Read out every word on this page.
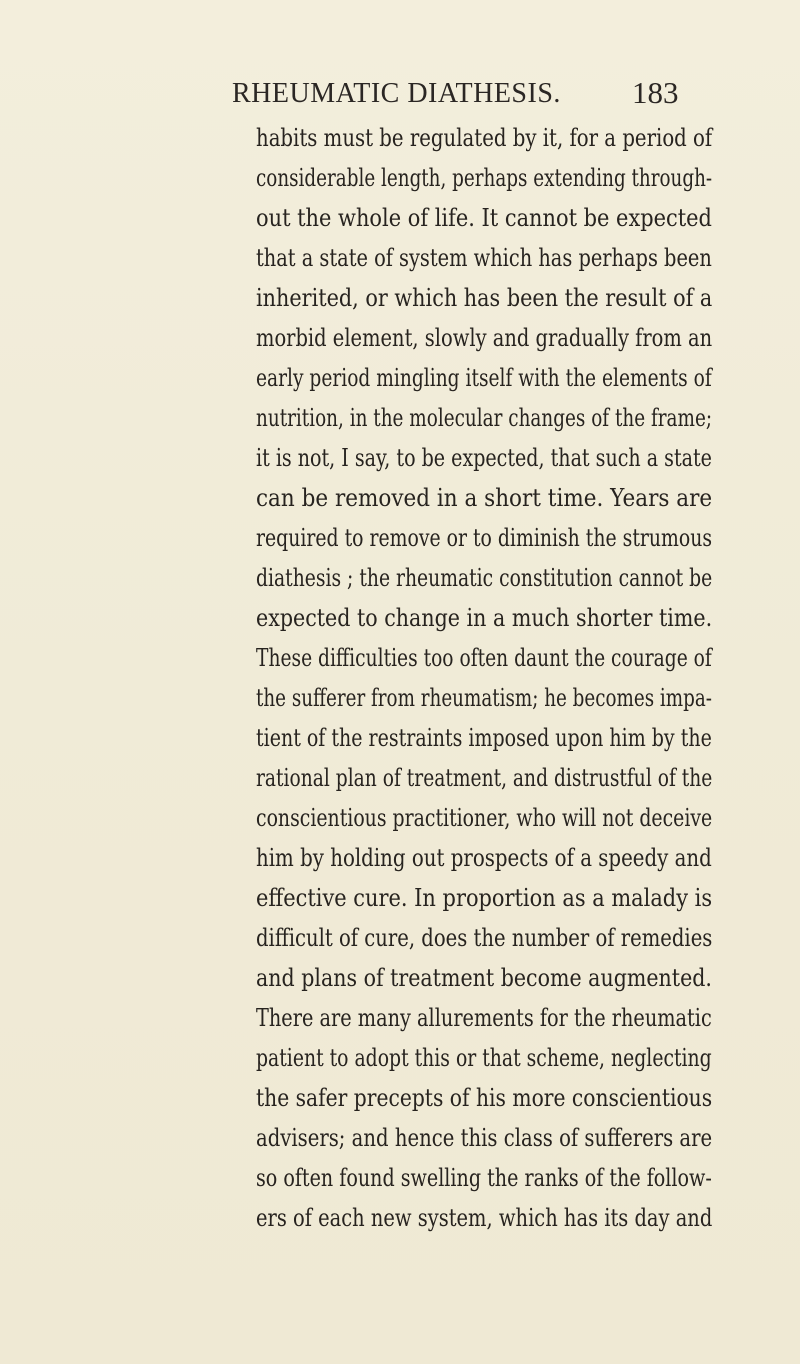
RHEUMATIC DIATHESIS. 183
habits must be regulated by it, for a period of
considerable length, perhaps extending through-
out the whole of life. It cannot be expected
that a state of system which has perhaps been
inherited, or which has been the result of a
morbid element, slowly and gradually from an
early period mingling itself with the elements of
nutrition, in the molecular changes of the frame;
it is not, I say, to be expected, that such a state
can be removed in a short time. Years are
required to remove or to diminish the strumous
diathesis ; the rheumatic constitution cannot be
expected to change in a much shorter time.
These difficulties too often daunt the courage of
the sufferer from rheumatism; he becomes impa-
tient of the restraints imposed upon him by the
rational plan of treatment, and distrustful of the
conscientious practitioner, who will not deceive
him by holding out prospects of a speedy and
effective cure. In proportion as a malady is
difficult of cure, does the number of remedies
and plans of treatment become augmented.
There are many allurements for the rheumatic
patient to adopt this or that scheme, neglecting
the safer precepts of his more conscientious
advisers; and hence this class of sufferers are
so often found swelling the ranks of the follow-
ers of each new system, which has its day and
